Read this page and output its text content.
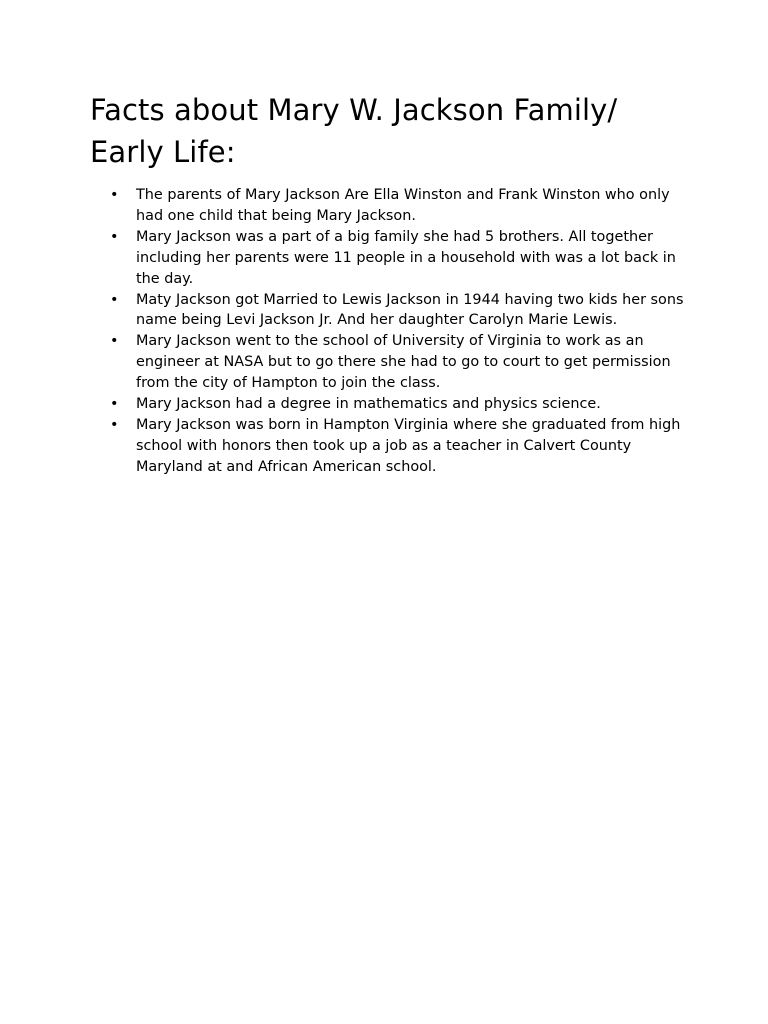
Facts about Mary W. Jackson Family/ Early Life:
• The parents of Mary Jackson Are Ella Winston and Frank Winston who only had one child that being Mary Jackson.
• Mary Jackson was a part of a big family she had 5 brothers. All together including her parents were 11 people in a household with was a lot back in the day.
• Maty Jackson got Married to Lewis Jackson in 1944 having two kids her sons name being Levi Jackson Jr. And her daughter Carolyn Marie Lewis.
• Mary Jackson went to the school of University of Virginia to work as an engineer at NASA but to go there she had to go to court to get permission from the city of Hampton to join the class.
• Mary Jackson had a degree in mathematics and physics science.
• Mary Jackson was born in Hampton Virginia where she graduated from high school with honors then took up a job as a teacher in Calvert County Maryland at and African American school.
